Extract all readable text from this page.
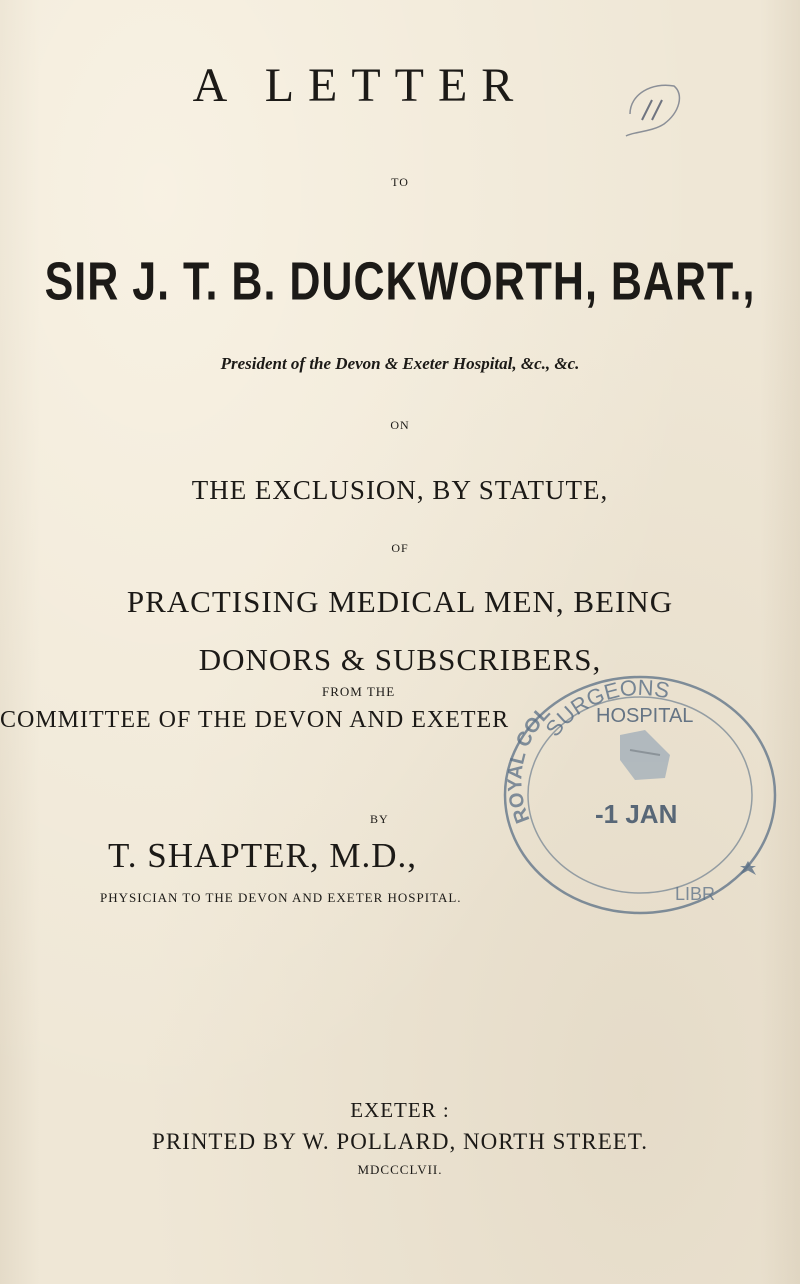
A LETTER
TO
SIR J. T. B. DUCKWORTH, BART.,
President of the Devon & Exeter Hospital, &c., &c.
ON
THE EXCLUSION, BY STATUTE,
OF
PRACTISING MEDICAL MEN, BEING
DONORS & SUBSCRIBERS,
FROM THE
COMMITTEE OF THE DEVON AND EXETER
BY
T. SHAPTER, M.D.,
PHYSICIAN TO THE DEVON AND EXETER HOSPITAL.
SURGEONS
HOSPITAL
ROYAL COL
-1 JAN
LIBR
EXETER :
PRINTED BY W. POLLARD, NORTH STREET.
MDCCCLVII.
